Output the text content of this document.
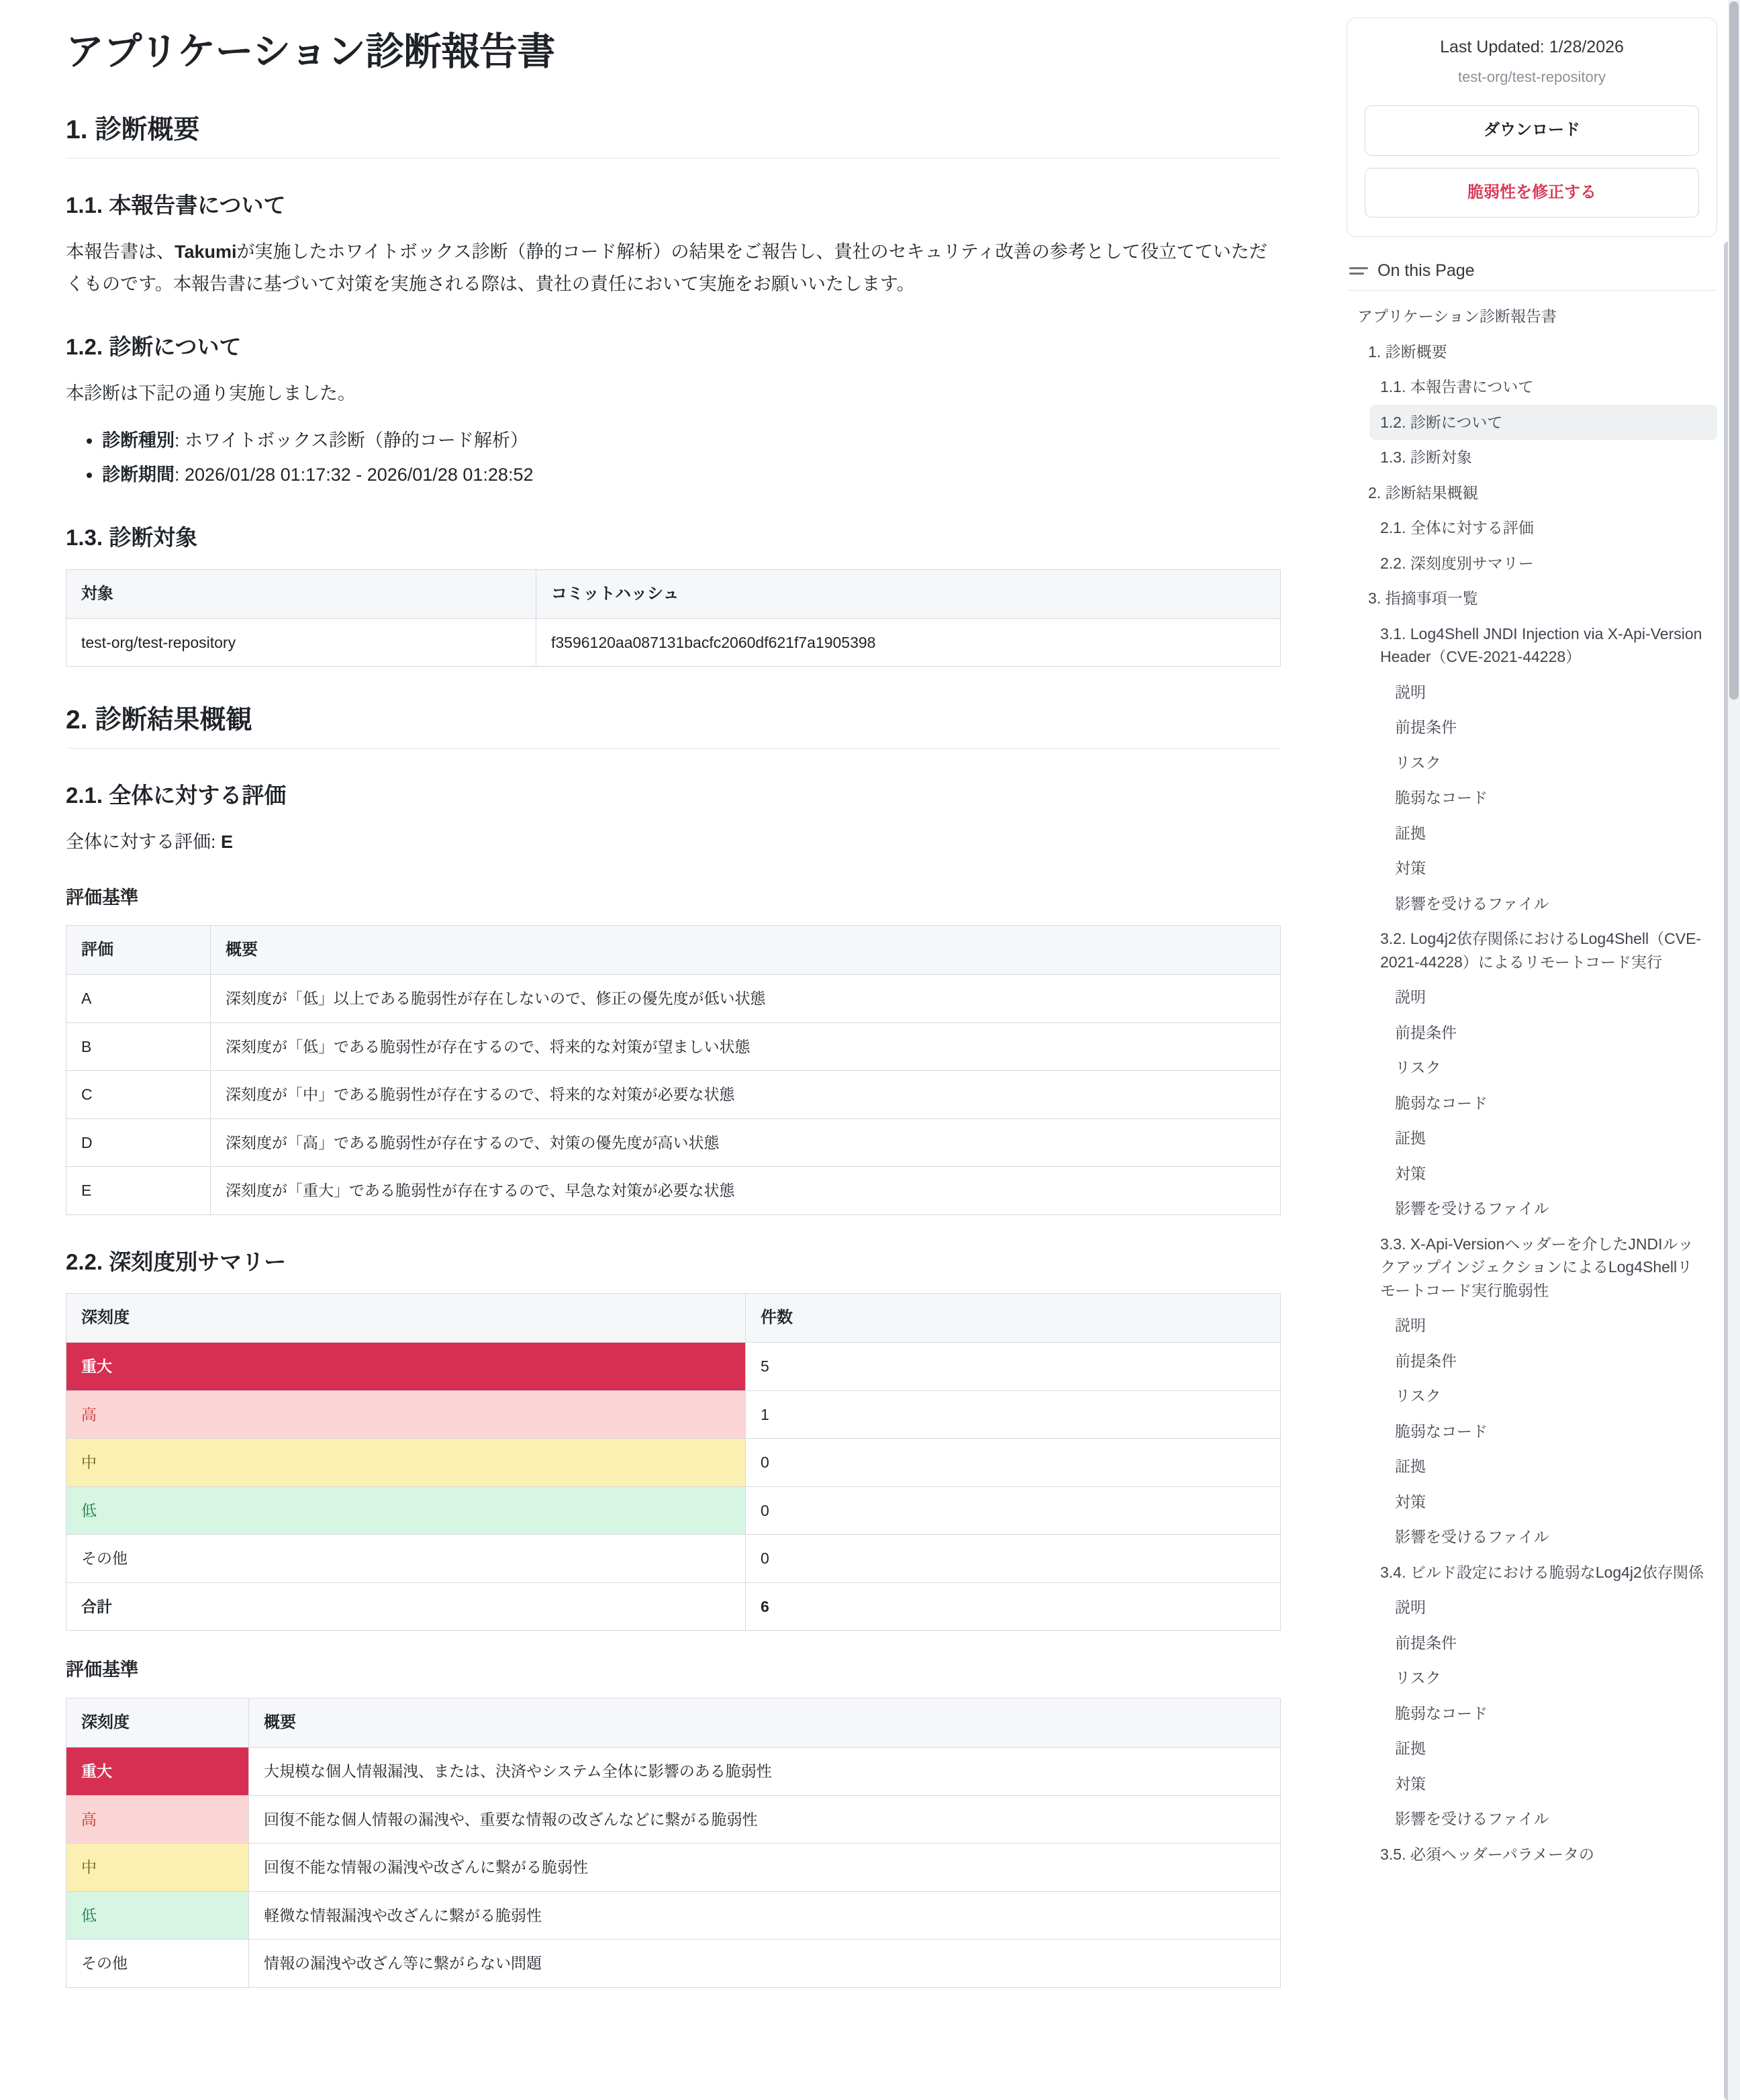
アプリケーション診断報告書
1. 診断概要
1.1. 本報告書について

本報告書は、Takumiが実施したホワイトボックス診断（静的コード解析）の結果をご報告し、貴社のセキュリティ改善の参考として役立てていただくものです。本報告書に基づいて対策を実施される際は、貴社の責任において実施をお願いいたします。

1.2. 診断について

本診断は下記の通り実施しました。

• 診断種別: ホワイトボックス診断（静的コード解析）
• 診断期間: 2026/01/28 01:17:32 - 2026/01/28 01:28:52
1.3. 診断対象
対象	コミットハッシュ
test-org/test-repository	f3596120aa087131bacfc2060df621f7a1905398
2. 診断結果概観
2.1. 全体に対する評価

全体に対する評価: E

評価基準
評価	概要
A	深刻度が「低」以上である脆弱性が存在しないので、修正の優先度が低い状態
B	深刻度が「低」である脆弱性が存在するので、将来的な対策が望ましい状態
C	深刻度が「中」である脆弱性が存在するので、将来的な対策が必要な状態
D	深刻度が「高」である脆弱性が存在するので、対策の優先度が高い状態
E	深刻度が「重大」である脆弱性が存在するので、早急な対策が必要な状態
2.2. 深刻度別サマリー
深刻度	件数
重大	5
高	1
中	0
低	0
その他	0
合計	6
評価基準
深刻度	概要
重大	大規模な個人情報漏洩、または、決済やシステム全体に影響のある脆弱性
高	回復不能な個人情報の漏洩や、重要な情報の改ざんなどに繋がる脆弱性
中	回復不能な情報の漏洩や改ざんに繋がる脆弱性
低	軽微な情報漏洩や改ざんに繋がる脆弱性
その他	情報の漏洩や改ざん等に繋がらない問題
Last Updated: 1/28/2026
test-org/test-repository
ダウンロード
脆弱性を修正する
On this Page
アプリケーション診断報告書
1. 診断概要
1.1. 本報告書について
1.2. 診断について
1.3. 診断対象
2. 診断結果概観
2.1. 全体に対する評価
2.2. 深刻度別サマリー
3. 指摘事項一覧
3.1. Log4Shell JNDI Injection via X-Api-Version Header（CVE-2021-44228）
説明
前提条件
リスク
脆弱なコード
証拠
対策
影響を受けるファイル
3.2. Log4j2依存関係におけるLog4Shell（CVE-2021-44228）によるリモートコード実行
説明
前提条件
リスク
脆弱なコード
証拠
対策
影響を受けるファイル
3.3. X-Api-Versionヘッダーを介したJNDIルックアップインジェクションによるLog4Shellリモートコード実行脆弱性
説明
前提条件
リスク
脆弱なコード
証拠
対策
影響を受けるファイル
3.4. ビルド設定における脆弱なLog4j2依存関係
説明
前提条件
リスク
脆弱なコード
証拠
対策
影響を受けるファイル
3.5. 必須ヘッダーパラメータの
